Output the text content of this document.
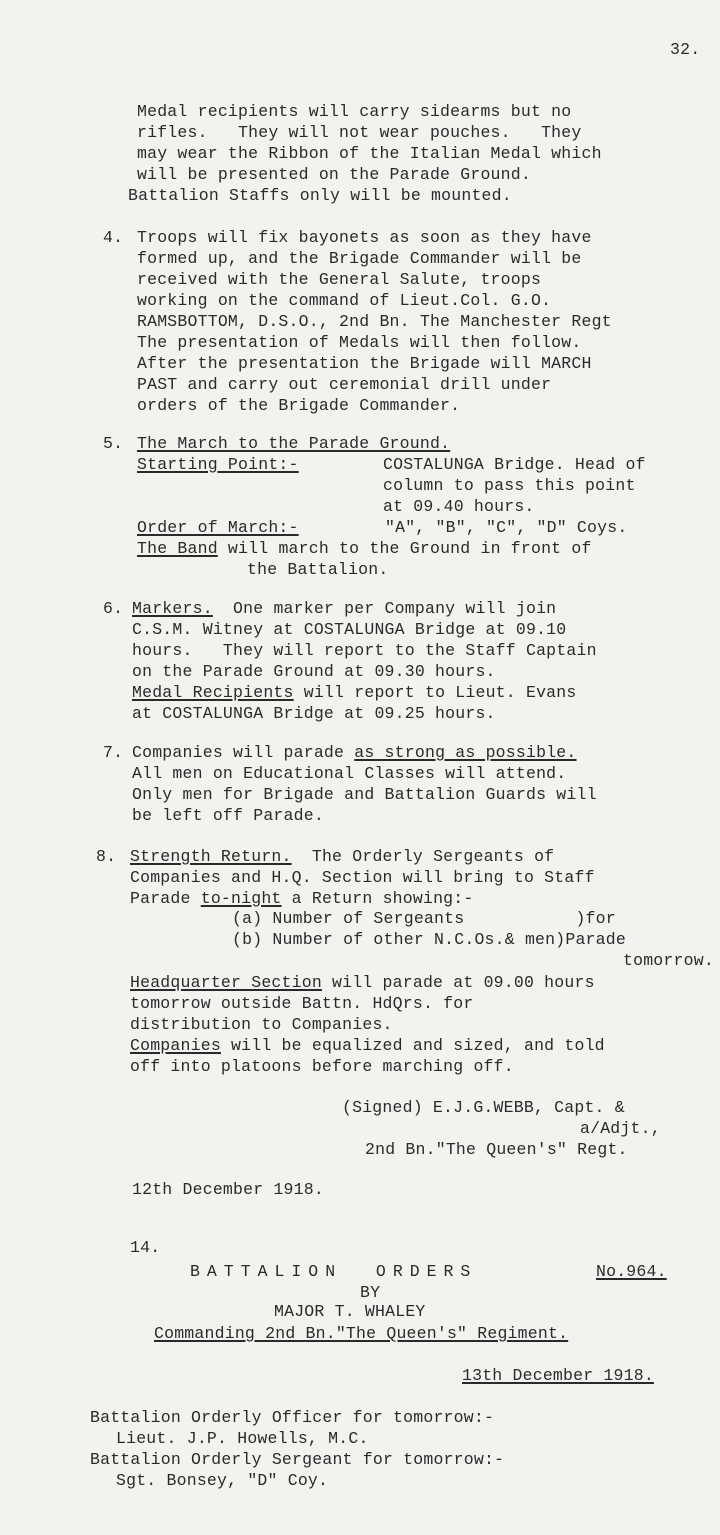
32.
Medal recipients will carry sidearms but no
rifles.   They will not wear pouches.   They
may wear the Ribbon of the Italian Medal which
will be presented on the Parade Ground.
Battalion Staffs only will be mounted.
4. Troops will fix bayonets as soon as they have
formed up, and the Brigade Commander will be
received with the General Salute, troops
working on the command of Lieut.Col. G.O.
RAMSBOTTOM, D.S.O., 2nd Bn. The Manchester Regt
The presentation of Medals will then follow.
After the presentation the Brigade will MARCH
PAST and carry out ceremonial drill under
orders of the Brigade Commander.
5. The March to the Parade Ground.
Starting Point:-	COSTALUNGA Bridge. Head of
column to pass this point
at 09.40 hours.
Order of March:-	"A", "B", "C", "D" Coys.
The Band will march to the Ground in front of
the Battalion.
6. Markers.  One marker per Company will join
C.S.M. Witney at COSTALUNGA Bridge at 09.10
hours.   They will report to the Staff Captain
on the Parade Ground at 09.30 hours.
Medal Recipients will report to Lieut. Evans
at COSTALUNGA Bridge at 09.25 hours.
7. Companies will parade as strong as possible.
All men on Educational Classes will attend.
Only men for Brigade and Battalion Guards will
be left off Parade.
8. Strength Return.  The Orderly Sergeants of
Companies and H.Q. Section will bring to Staff
Parade to-night a Return showing:-
(a) Number of Sergeants           )for
(b) Number of other N.C.Os.& men)Parade
tomorrow.
Headquarter Section will parade at 09.00 hours
tomorrow outside Battn. HdQrs. for
distribution to Companies.
Companies will be equalized and sized, and told
off into platoons before marching off.
(Signed) E.J.G.WEBB, Capt. &
a/Adjt.,
2nd Bn."The Queen's" Regt.
12th December 1918.
14.
BATTALION  ORDERS	No.964.
BY
MAJOR T. WHALEY
Commanding 2nd Bn."The Queen's" Regiment.
13th December 1918.
Battalion Orderly Officer for tomorrow:-
Lieut. J.P. Howells, M.C.
Battalion Orderly Sergeant for tomorrow:-
Sgt. Bonsey, "D" Coy.
